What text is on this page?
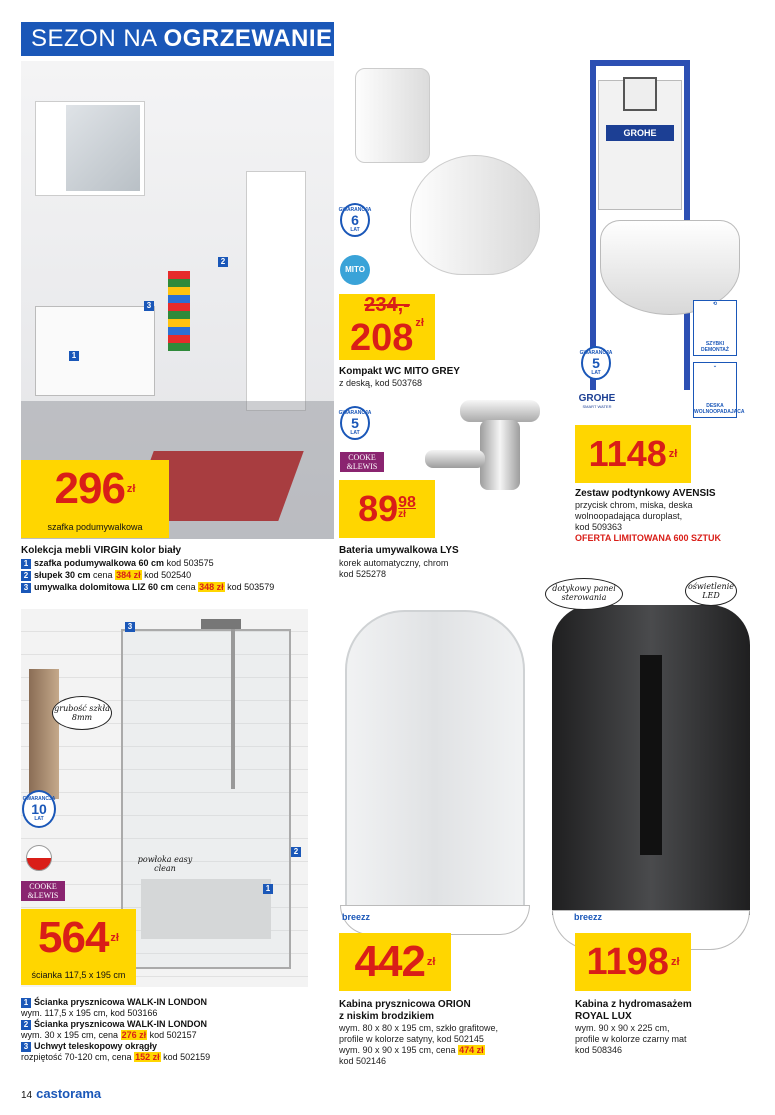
SEZON NA OGRZEWANIE
1
2
3
296 zł
szafka podumywalkowa
Kolekcja mebli VIRGIN kolor biały
1 szafka podumywalkowa 60 cm kod 503575
2 słupek 30 cm cena 384 zł kod 502540
3 umywalka dolomitowa LIZ 60 cm cena 348 zł kod 503579
GWARANCJA
6
LAT
MITO
234,-
208 $^{zł}$
Kompakt WC MITO GREY
z deską, kod 503768
GROHE
⟲
SZYBKI DEMONTAŻ
⌄
DESKA WOLNOOPADAJĄCA
GWARANCJA
5
LAT
GROHE
SMART WATER
1148 zł
Zestaw podtynkowy AVENSIS
przycisk chrom, miska, deska
wolnoopadająca duroplast,
kod 509363
OFERTA LIMITOWANA 600 SZTUK
GWARANCJA
5
LAT
COOKE
&LEWIS
89 98
zł
Bateria umywalkowa LYS
korek automatyczny, chrom
kod 525278
3
2
1
grubość szkła 8mm
powłoka easy clean
GWARANCJA
10
LAT
COOKE
&LEWIS
564 zł
ścianka 117,5 x 195 cm
1 Ścianka prysznicowa WALK-IN LONDON
wym. 117,5 x 195 cm, kod 503166
2 Ścianka prysznicowa WALK-IN LONDON
wym. 30 x 195 cm, cena 276 zł kod 502157
3 Uchwyt teleskopowy okrągły
rozpiętość 70-120 cm, cena 152 zł kod 502159
breezz
442 zł
Kabina prysznicowa ORION
z niskim brodzikiem
wym. 80 x 80 x 195 cm, szkło grafitowe,
profile w kolorze satyny, kod 502145
wym. 90 x 90 x 195 cm, cena 474 zł
kod 502146
dotykowy panel sterowania
oświetlenie LED
breezz
1198 zł
Kabina z hydromasażem
ROYAL LUX
wym. 90 x 90 x 225 cm,
profile w kolorze czarny mat
kod 508346
14 castorama
